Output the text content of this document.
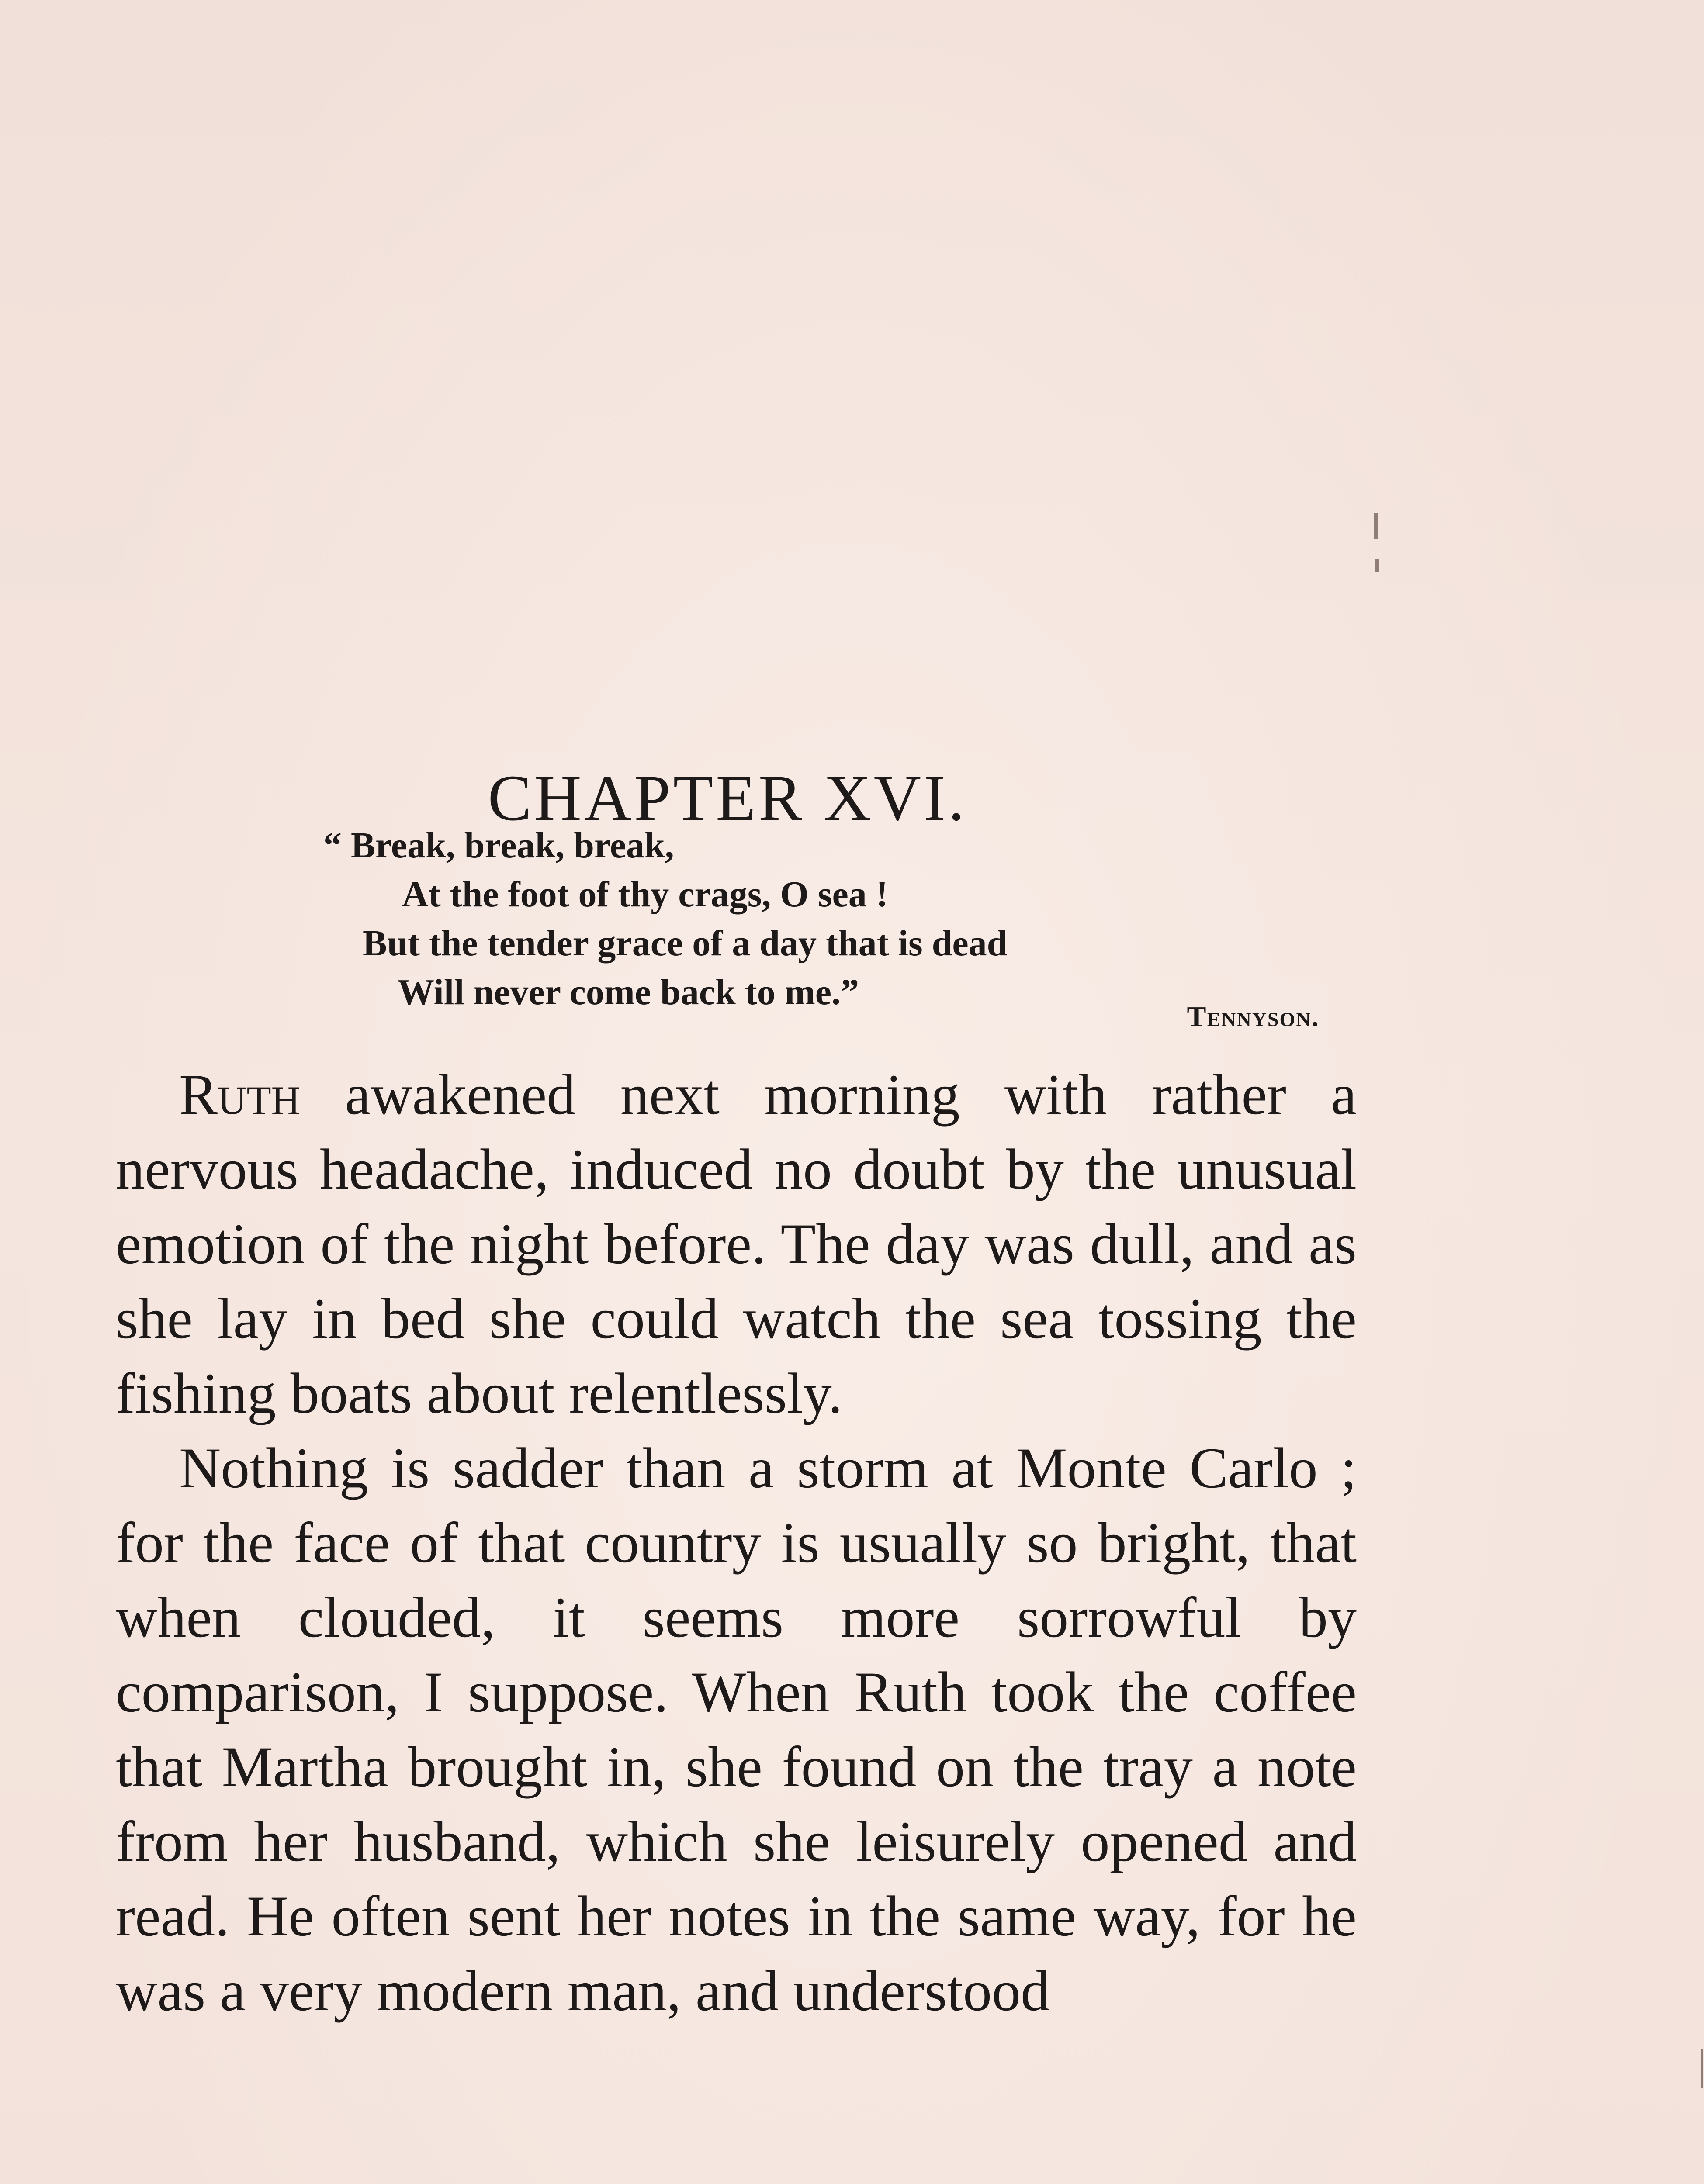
CHAPTER XVI.
“ Break, break, break,
At the foot of thy crags, O sea !
But the tender grace of a day that is dead
Will never come back to me.”
Tennyson.

Ruth awakened next morning with rather a nervous headache, induced no doubt by the unusual emotion of the night before. The day was dull, and as she lay in bed she could watch the sea tossing the fishing boats about relentlessly.

Nothing is sadder than a storm at Monte Carlo ; for the face of that country is usually so bright, that when clouded, it seems more sorrowful by comparison, I suppose. When Ruth took the coffee that Martha brought in, she found on the tray a note from her husband, which she leisurely opened and read. He often sent her notes in the same way, for he was a very modern man, and understood
